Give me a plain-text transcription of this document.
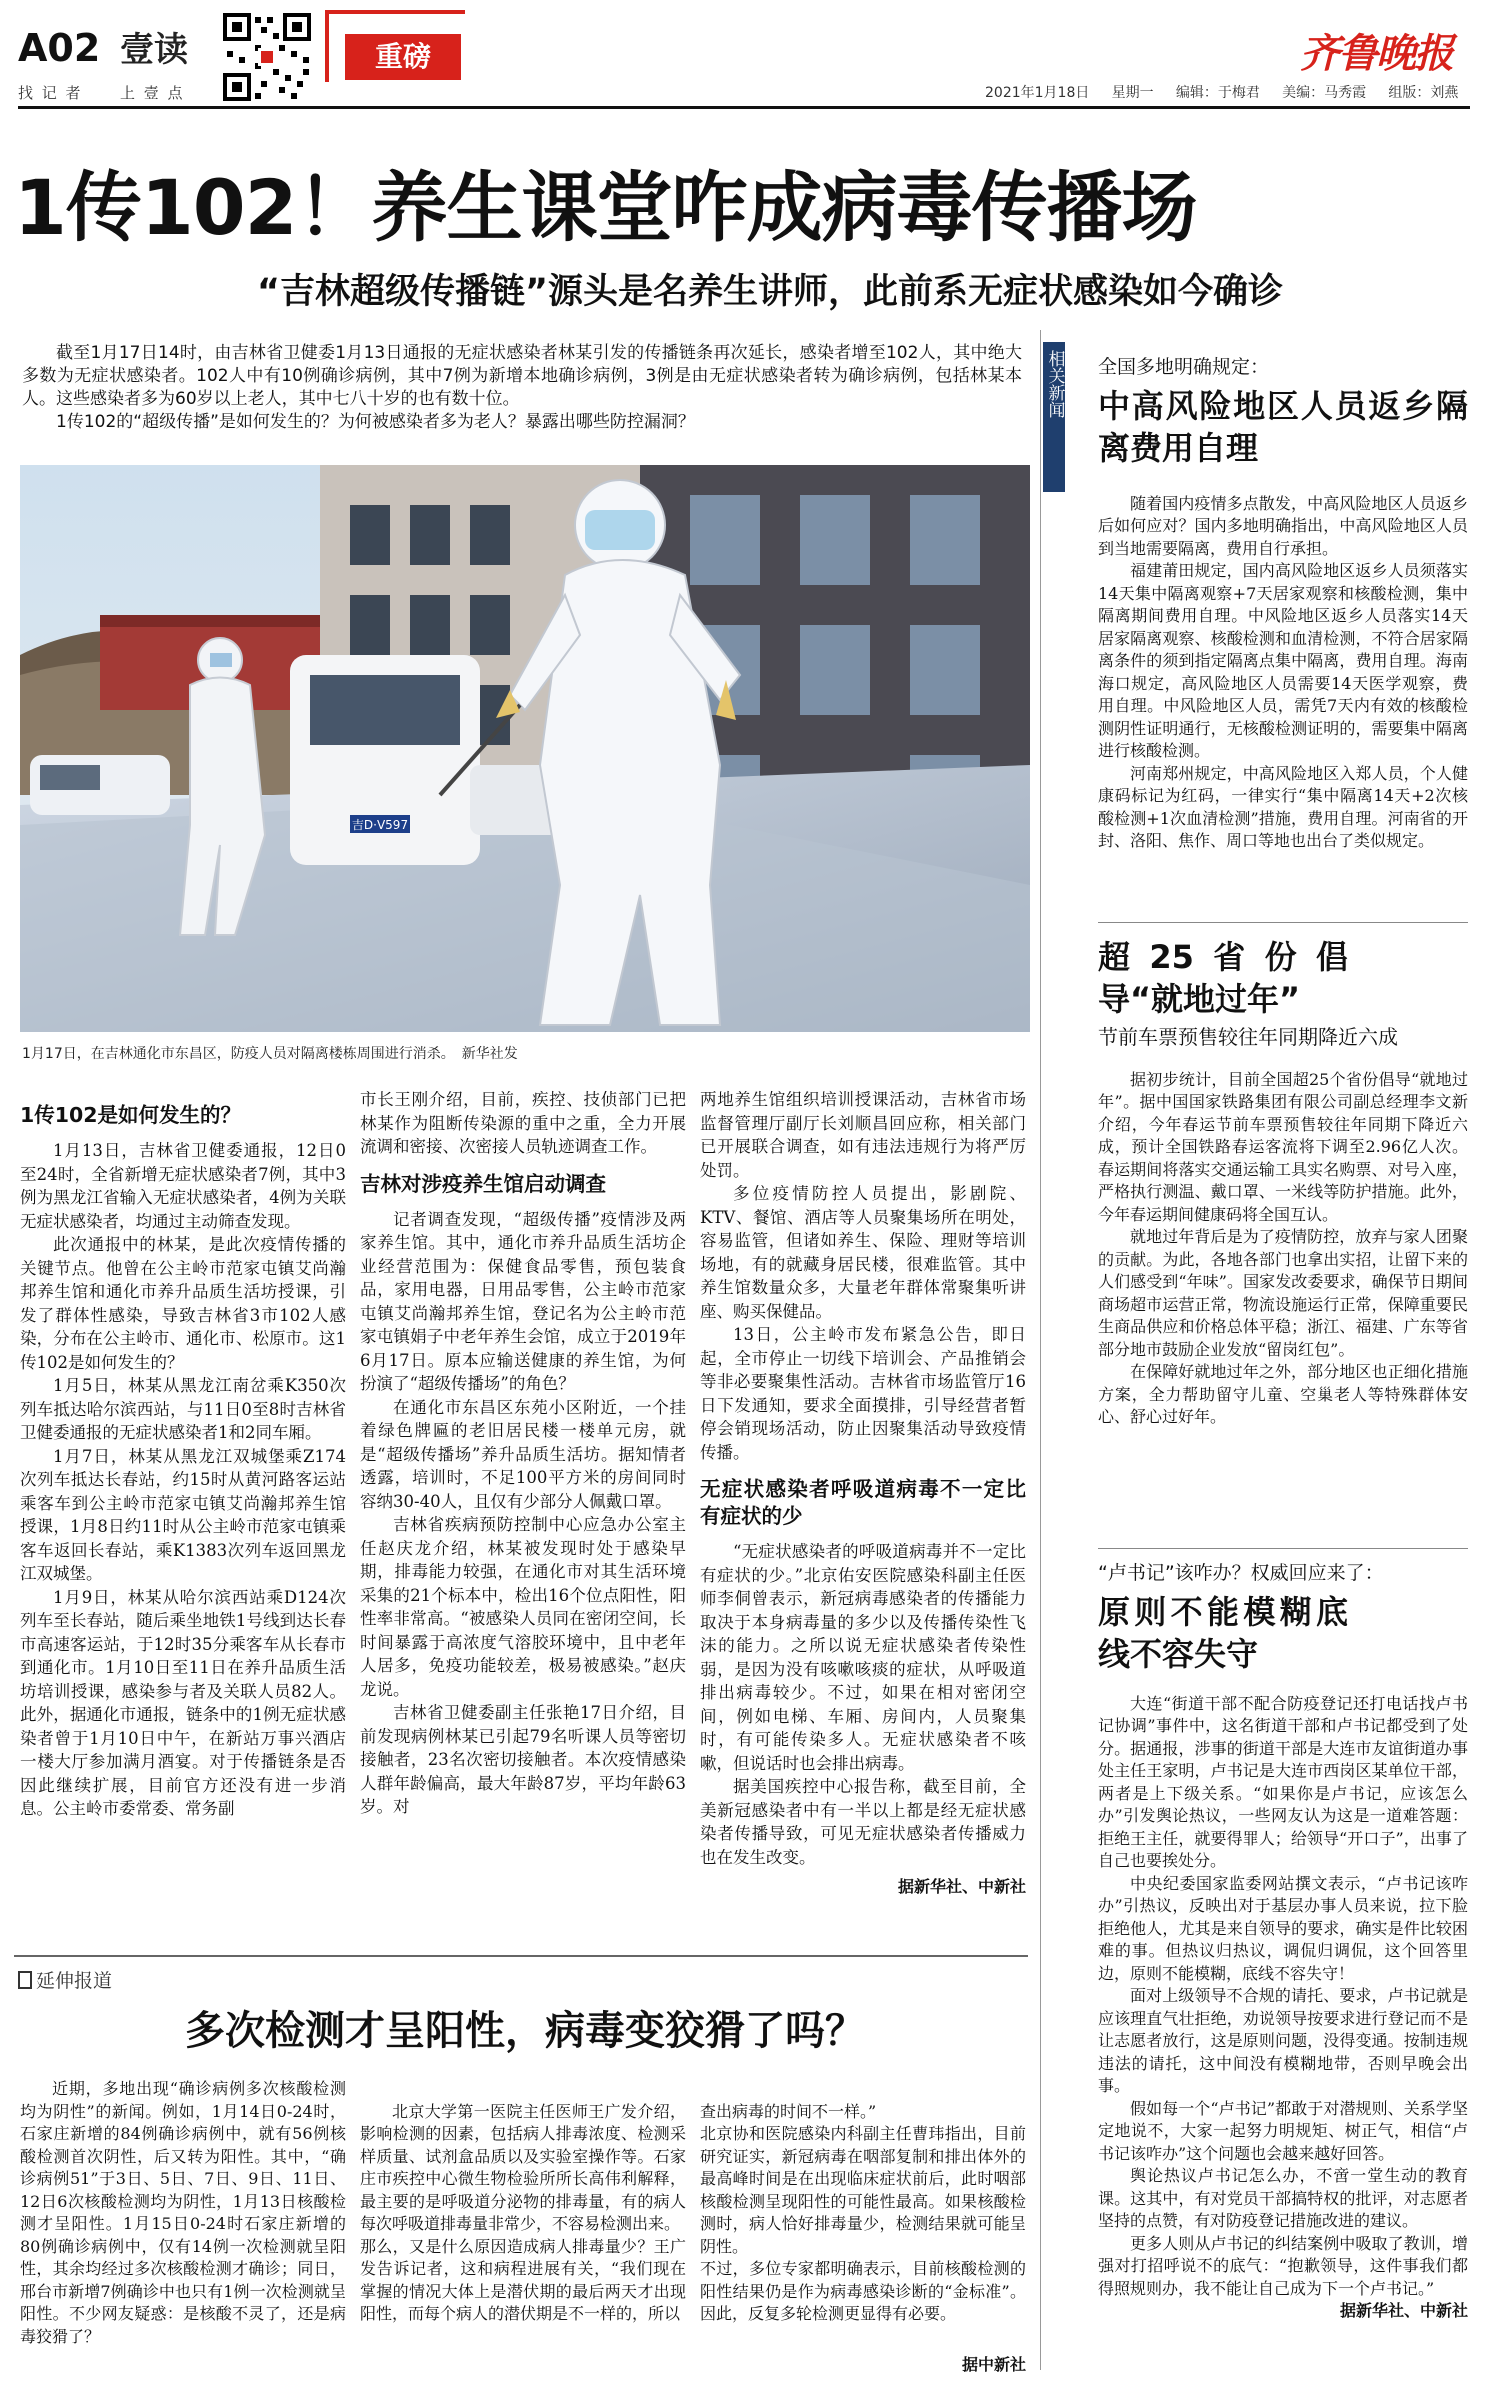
A02 壹读
找 记 者 上 壹 点
重磅	齐鲁晚报
2021年1月18日 星期一 编辑：于梅君 美编：马秀霞 组版：刘燕
1传102！养生课堂咋成病毒传播场
“吉林超级传播链”源头是名养生讲师，此前系无症状感染如今确诊

截至1月17日14时，由吉林省卫健委1月13日通报的无症状感染者林某引发的传播链条再次延长，感染者增至102人，其中绝大多数为无症状感染者。102人中有10例确诊病例，其中7例为新增本地确诊病例，3例是由无症状感染者转为确诊病例，包括林某本人。这些感染者多为60岁以上老人，其中七八十岁的也有数十位。

1传102的“超级传播”是如何发生的？为何被感染者多为老人？暴露出哪些防控漏洞？

吉D·V597
1月17日，在吉林通化市东昌区，防疫人员对隔离楼栋周围进行消杀。　新华社发

1传102是如何发生的？

1月13日，吉林省卫健委通报，12日0至24时，全省新增无症状感染者7例，其中3例为黑龙江省输入无症状感染者，4例为关联无症状感染者，均通过主动筛查发现。

此次通报中的林某，是此次疫情传播的关键节点。他曾在公主岭市范家屯镇艾尚瀚邦养生馆和通化市养升品质生活坊授课，引发了群体性感染，导致吉林省3市102人感染，分布在公主岭市、通化市、松原市。这1传102是如何发生的？

1月5日，林某从黑龙江南岔乘K350次列车抵达哈尔滨西站，与11日0至8时吉林省卫健委通报的无症状感染者1和2同车厢。

1月7日，林某从黑龙江双城堡乘Z174次列车抵达长春站，约15时从黄河路客运站乘客车到公主岭市范家屯镇艾尚瀚邦养生馆授课，1月8日约11时从公主岭市范家屯镇乘客车返回长春站，乘K1383次列车返回黑龙江双城堡。

1月9日，林某从哈尔滨西站乘D124次列车至长春站，随后乘坐地铁1号线到达长春市高速客运站，于12时35分乘客车从长春市到通化市。1月10日至11日在养升品质生活坊培训授课，感染参与者及关联人员82人。此外，据通化市通报，链条中的1例无症状感染者曾于1月10日中午，在新站万事兴酒店一楼大厅参加满月酒宴。对于传播链条是否因此继续扩展，目前官方还没有进一步消息。公主岭市委常委、常务副

市长王刚介绍，目前，疾控、技侦部门已把林某作为阻断传染源的重中之重，全力开展流调和密接、次密接人员轨迹调查工作。

吉林对涉疫养生馆启动调查

记者调查发现，“超级传播”疫情涉及两家养生馆。其中，通化市养升品质生活坊企业经营范围为：保健食品零售，预包装食品，家用电器，日用品零售，公主岭市范家屯镇艾尚瀚邦养生馆，登记名为公主岭市范家屯镇娟子中老年养生会馆，成立于2019年6月17日。原本应输送健康的养生馆，为何扮演了“超级传播场”的角色？

在通化市东昌区东苑小区附近，一个挂着绿色牌匾的老旧居民楼一楼单元房，就是“超级传播场”养升品质生活坊。据知情者透露，培训时，不足100平方米的房间同时容纳30-40人，且仅有少部分人佩戴口罩。

吉林省疾病预防控制中心应急办公室主任赵庆龙介绍，林某被发现时处于感染早期，排毒能力较强，在通化市对其生活环境采集的21个标本中，检出16个位点阳性，阳性率非常高。“被感染人员同在密闭空间，长时间暴露于高浓度气溶胶环境中，且中老年人居多，免疫功能较差，极易被感染。”赵庆龙说。

吉林省卫健委副主任张艳17日介绍，目前发现病例林某已引起79名听课人员等密切接触者，23名次密切接触者。本次疫情感染人群年龄偏高，最大年龄87岁，平均年龄63岁。对

两地养生馆组织培训授课活动，吉林省市场监督管理厅副厅长刘顺昌回应称，相关部门已开展联合调查，如有违法违规行为将严厉处罚。

多位疫情防控人员提出，影剧院、KTV、餐馆、酒店等人员聚集场所在明处，容易监管，但诸如养生、保险、理财等培训场地，有的就藏身居民楼，很难监管。其中养生馆数量众多，大量老年群体常聚集听讲座、购买保健品。

13日，公主岭市发布紧急公告，即日起，全市停止一切线下培训会、产品推销会等非必要聚集性活动。吉林省市场监管厅16日下发通知，要求全面摸排，引导经营者暂停会销现场活动，防止因聚集活动导致疫情传播。

无症状感染者呼吸道病毒不一定比有症状的少

“无症状感染者的呼吸道病毒并不一定比有症状的少。”北京佑安医院感染科副主任医师李侗曾表示，新冠病毒感染者的传播能力取决于本身病毒量的多少以及传播传染性飞沫的能力。之所以说无症状感染者传染性弱，是因为没有咳嗽咳痰的症状，从呼吸道排出病毒较少。不过，如果在相对密闭空间，例如电梯、车厢、房间内，人员聚集时，有可能传染多人。无症状感染者不咳嗽，但说话时也会排出病毒。

据美国疾控中心报告称，截至目前，全美新冠感染者中有一半以上都是经无症状感染者传播导致，可见无症状感染者传播威力也在发生改变。

据新华社、中新社

相关新闻 全国多地明确规定：

中高风险地区人员返乡隔离费用自理

随着国内疫情多点散发，中高风险地区人员返乡后如何应对？国内多地明确指出，中高风险地区人员到当地需要隔离，费用自行承担。

福建莆田规定，国内高风险地区返乡人员须落实14天集中隔离观察+7天居家观察和核酸检测，集中隔离期间费用自理。中风险地区返乡人员落实14天居家隔离观察、核酸检测和血清检测，不符合居家隔离条件的须到指定隔离点集中隔离，费用自理。海南海口规定，高风险地区人员需要14天医学观察，费用自理。中风险地区人员，需凭7天内有效的核酸检测阴性证明通行，无核酸检测证明的，需要集中隔离进行核酸检测。

河南郑州规定，中高风险地区入郑人员，个人健康码标记为红码，一律实行“集中隔离14天+2次核酸检测+1次血清检测”措施，费用自理。河南省的开封、洛阳、焦作、周口等地也出台了类似规定。

超25省份倡导“就地过年”

节前车票预售较往年同期降近六成

据初步统计，目前全国超25个省份倡导“就地过年”。据中国国家铁路集团有限公司副总经理李文新介绍，今年春运节前车票预售较往年同期下降近六成，预计全国铁路春运客流将下调至2.96亿人次。春运期间将落实交通运输工具实名购票、对号入座，严格执行测温、戴口罩、一米线等防护措施。此外，今年春运期间健康码将全国互认。

就地过年背后是为了疫情防控，放弃与家人团聚的贡献。为此，各地各部门也拿出实招，让留下来的人们感受到“年味”。国家发改委要求，确保节日期间商场超市运营正常，物流设施运行正常，保障重要民生商品供应和价格总体平稳；浙江、福建、广东等省部分地市鼓励企业发放“留岗红包”。

在保障好就地过年之外，部分地区也正细化措施方案，全力帮助留守儿童、空巢老人等特殊群体安心、舒心过好年。

“卢书记”该咋办？权威回应来了：

原则不能模糊底线不容失守

大连“街道干部不配合防疫登记还打电话找卢书记协调”事件中，这名街道干部和卢书记都受到了处分。据通报，涉事的街道干部是大连市友谊街道办事处主任王家明，卢书记是大连市西岗区某单位干部，两者是上下级关系。“如果你是卢书记，应该怎么办”引发舆论热议，一些网友认为这是一道难答题：拒绝王主任，就要得罪人；给领导“开口子”，出事了自己也要挨处分。

中央纪委国家监委网站撰文表示，“卢书记该咋办”引热议，反映出对于基层办事人员来说，拉下脸拒绝他人，尤其是来自领导的要求，确实是件比较困难的事。但热议归热议，调侃归调侃，这个回答里边，原则不能模糊，底线不容失守！

面对上级领导不合规的请托、要求，卢书记就是应该理直气壮拒绝，劝说领导按要求进行登记而不是让志愿者放行，这是原则问题，没得变通。按制违规违法的请托，这中间没有模糊地带，否则早晚会出事。

假如每一个“卢书记”都敢于对潜规则、关系学坚定地说不，大家一起努力明规矩、树正气，相信“卢书记该咋办”这个问题也会越来越好回答。

舆论热议卢书记怎么办，不啻一堂生动的教育课。这其中，有对党员干部搞特权的批评，对志愿者坚持的点赞，有对防疫登记措施改进的建议。

更多人则从卢书记的纠结案例中吸取了教训，增强对打招呼说不的底气：“抱歉领导，这件事我们都得照规则办，我不能让自己成为下一个卢书记。”

据新华社、中新社

延伸报道
多次检测才呈阳性，病毒变狡猾了吗？

近期，多地出现“确诊病例多次核酸检测均为阴性”的新闻。例如，1月14日0-24时，石家庄新增的84例确诊病例中，就有56例核酸检测首次阴性，后又转为阳性。其中，“确诊病例51”于3日、5日、7日、9日、11日、12日6次核酸检测均为阴性，1月13日核酸检测才呈阳性。1月15日0-24时石家庄新增的80例确诊病例中，仅有14例一次检测就呈阳性，其余均经过多次核酸检测才确诊；同日，邢台市新增7例确诊中也只有1例一次检测就呈阳性。不少网友疑惑：是核酸不灵了，还是病毒狡猾了？

北京大学第一医院主任医师王广发介绍，影响检测的因素，包括病人排毒浓度、检测采样质量、试剂盒品质以及实验室操作等。石家庄市疾控中心微生物检验所所长高伟利解释，最主要的是呼吸道分泌物的排毒量，有的病人每次呼吸道排毒量非常少，不容易检测出来。
那么，又是什么原因造成病人排毒量少？王广发告诉记者，这和病程进展有关，“我们现在掌握的情况大体上是潜伏期的最后两天才出现阳性，而每个病人的潜伏期是不一样的，所以

查出病毒的时间不一样。”
北京协和医院感染内科副主任曹玮指出，目前研究证实，新冠病毒在咽部复制和排出体外的最高峰时间是在出现临床症状前后，此时咽部核酸检测呈现阳性的可能性最高。如果核酸检测时，病人恰好排毒量少，检测结果就可能呈阴性。
不过，多位专家都明确表示，目前核酸检测的阳性结果仍是作为病毒感染诊断的“金标准”。因此，反复多轮检测更显得有必要。

据中新社
